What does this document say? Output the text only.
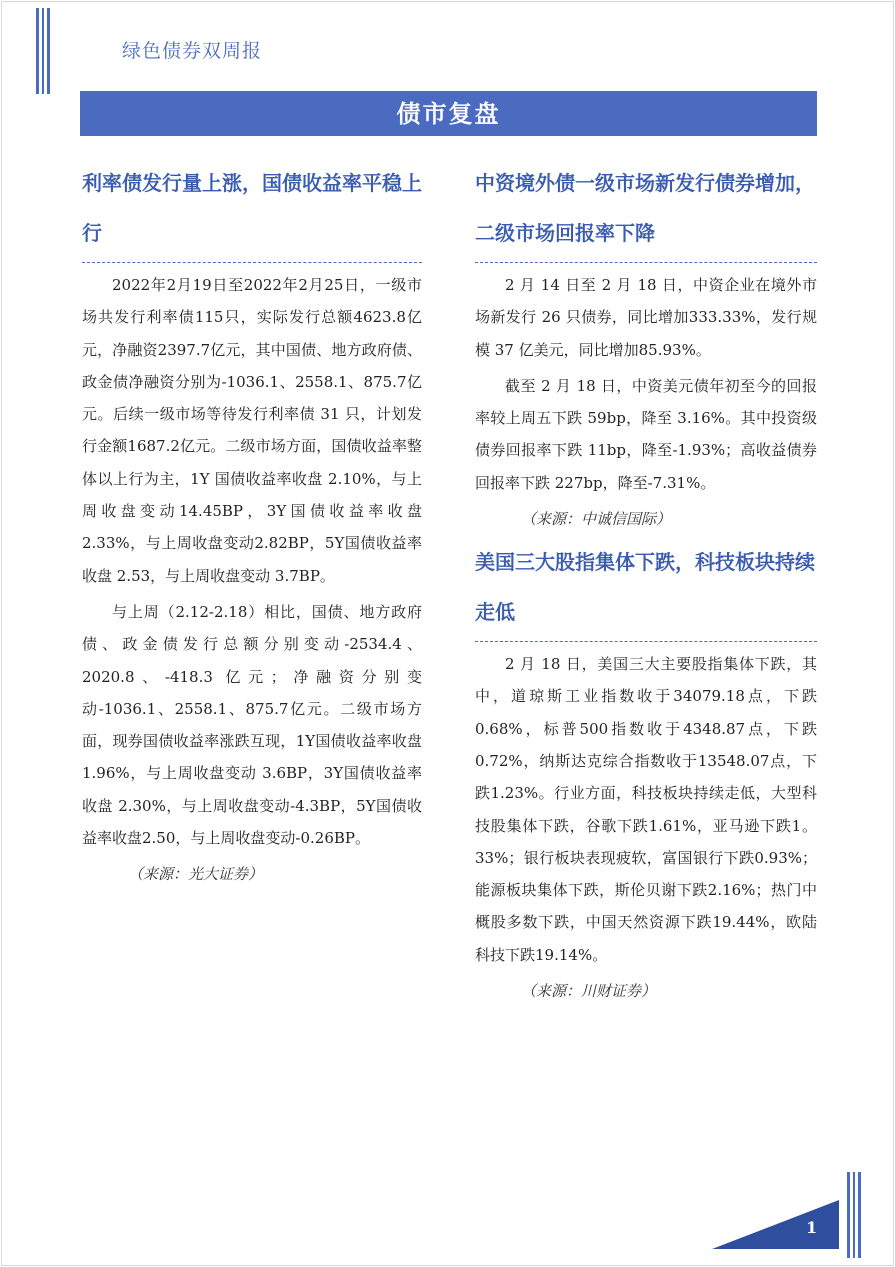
绿色债券双周报
债市复盘
利率债发行量上涨，国债收益率平稳上行

2022年2月19日至2022年2月25日，一级市场共发行利率债115只，实际发行总额4623.8亿元，净融资2397.7亿元，其中国债、地方政府债、政金债净融资分别为-1036.1、2558.1、875.7亿元。后续一级市场等待发行利率债 31 只，计划发行金额1687.2亿元。二级市场方面，国债收益率整体以上行为主，1Y 国债收益率收盘 2.10%，与上周收盘变动14.45BP，3Y国债收益率收盘2.33%，与上周收盘变动2.82BP，5Y国债收益率收盘 2.53，与上周收盘变动 3.7BP。

与上周（2.12-2.18）相比，国债、地方政府债、政金债发行总额分别变动-2534.4、2020.8、-418.3 亿元；净融资分别变动-1036.1、2558.1、875.7亿元。二级市场方面，现券国债收益率涨跌互现，1Y国债收益率收盘 1.96%，与上周收盘变动 3.6BP，3Y国债收益率收盘 2.30%，与上周收盘变动-4.3BP，5Y国债收益率收盘2.50，与上周收盘变动-0.26BP。

（来源：光大证券）

中资境外债一级市场新发行债券增加，二级市场回报率下降

2 月 14 日至 2 月 18 日，中资企业在境外市场新发行 26 只债券，同比增加333.33%，发行规模 37 亿美元，同比增加85.93%。

截至 2 月 18 日，中资美元债年初至今的回报率较上周五下跌 59bp，降至 3.16%。其中投资级债券回报率下跌 11bp，降至-1.93%；高收益债券回报率下跌 227bp，降至-7.31%。

（来源：中诚信国际）

美国三大股指集体下跌，科技板块持续走低

2 月 18 日，美国三大主要股指集体下跌，其中，道琼斯工业指数收于34079.18点，下跌0.68%，标普500指数收于4348.87点，下跌 0.72%，纳斯达克综合指数收于13548.07点，下跌1.23%。行业方面，科技板块持续走低，大型科技股集体下跌，谷歌下跌1.61%，亚马逊下跌1。33%；银行板块表现疲软，富国银行下跌0.93%；能源板块集体下跌，斯伦贝谢下跌2.16%；热门中概股多数下跌，中国天然资源下跌19.44%，欧陆科技下跌19.14%。

（来源：川财证券）

1
